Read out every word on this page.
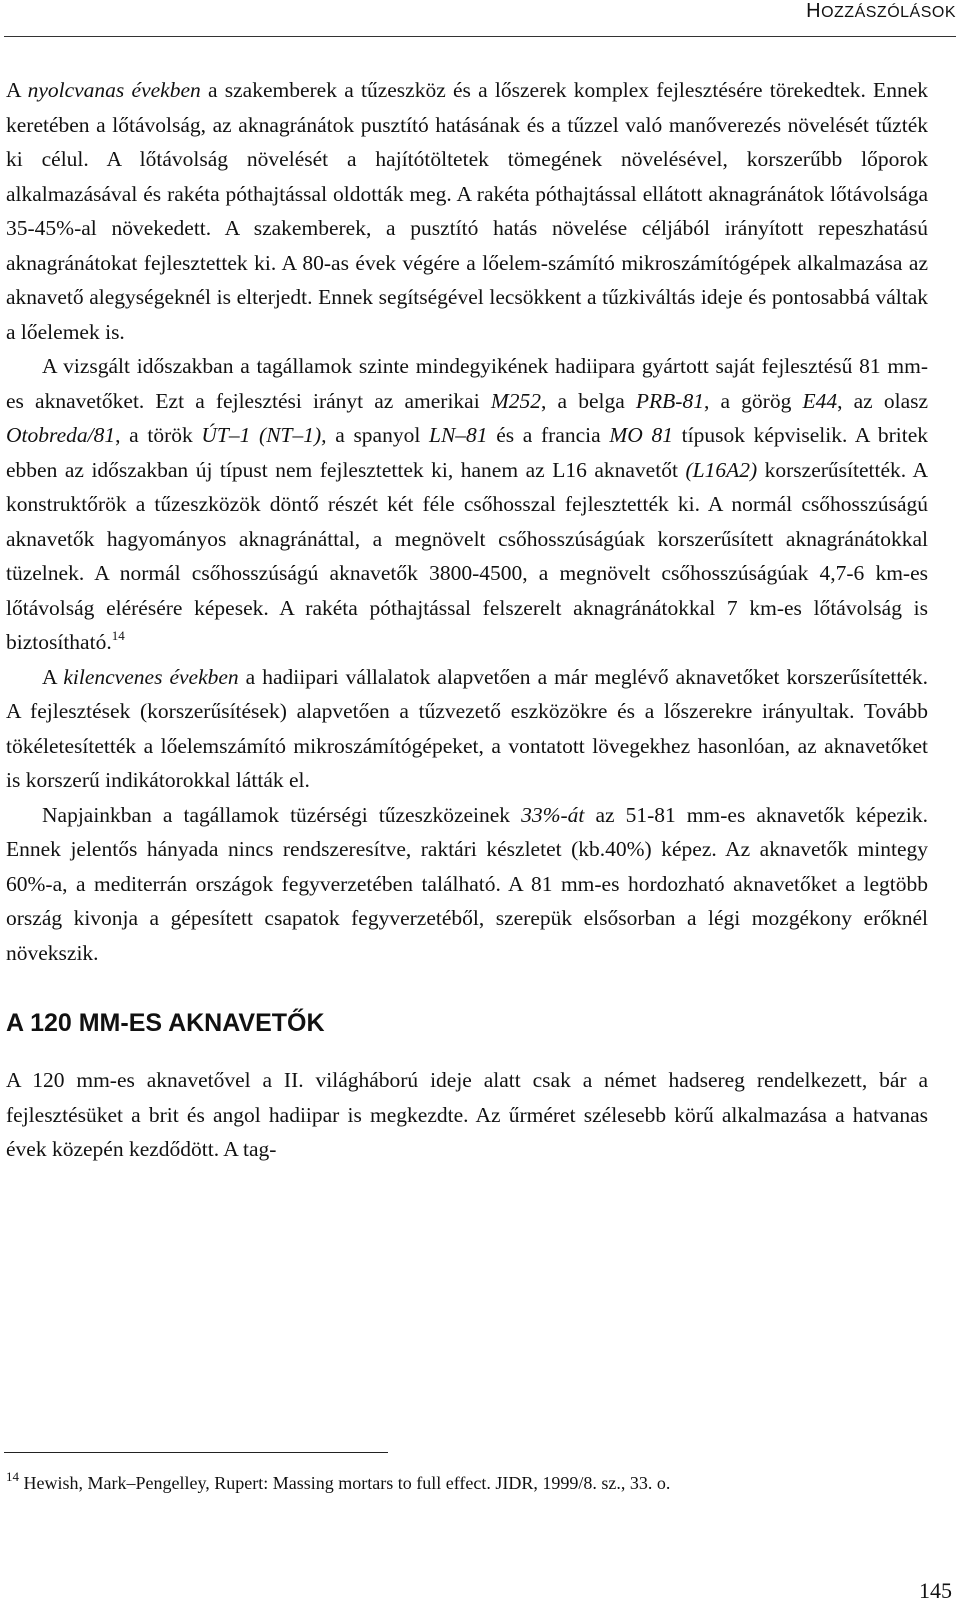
HOZZÁSZÓLÁSOK

A nyolcvanas években a szakemberek a tűzeszköz és a lőszerek komplex fejlesztésére törekedtek. Ennek keretében a lőtávolság, az aknagránátok pusztító hatásának és a tűzzel való manőverezés növelését tűzték ki célul. A lőtávolság növelését a hajítótöltetek tömegének növelésével, korszerűbb lőporok alkalmazásával és rakéta póthajtással oldották meg. A rakéta póthajtással ellátott aknagránátok lőtávolsága 35-45%-al növekedett. A szakemberek, a pusztító hatás növelése céljából irányított repeszhatású aknagránátokat fejlesztettek ki. A 80-as évek végére a lőelem-számító mikroszámítógépek alkalmazása az aknavető alegységeknél is elterjedt. Ennek segítségével lecsökkent a tűzkiváltás ideje és pontosabbá váltak a lőelemek is.

A vizsgált időszakban a tagállamok szinte mindegyikének hadiipara gyártott saját fejlesztésű 81 mm-es aknavetőket. Ezt a fejlesztési irányt az amerikai M252, a belga PRB-81, a görög E44, az olasz Otobreda/81, a török ÚT–1 (NT–1), a spanyol LN–81 és a francia MO 81 típusok képviselik. A britek ebben az időszakban új típust nem fejlesztettek ki, hanem az L16 aknavetőt (L16A2) korszerűsítették. A konstruktőrök a tűzeszközök döntő részét két féle csőhosszal fejlesztették ki. A normál csőhosszúságú aknavetők hagyományos aknagránáttal, a megnövelt csőhosszúságúak korszerűsített aknagránátokkal tüzelnek. A normál csőhosszúságú aknavetők 3800-4500, a megnövelt csőhosszúságúak 4,7-6 km-es lőtávolság elérésére képesek. A rakéta póthajtással felszerelt aknagránátokkal 7 km-es lőtávolság is biztosítható.$^{14}$

A kilencvenes években a hadiipari vállalatok alapvetően a már meglévő aknavetőket korszerűsítették. A fejlesztések (korszerűsítések) alapvetően a tűzvezető eszközökre és a lőszerekre irányultak. Tovább tökéletesítették a lőelemszámító mikroszámítógépeket, a vontatott lövegekhez hasonlóan, az aknavetőket is korszerű indikátorokkal látták el.

Napjainkban a tagállamok tüzérségi tűzeszközeinek 33%-át az 51-81 mm-es aknavetők képezik. Ennek jelentős hányada nincs rendszeresítve, raktári készletet (kb.40%) képez. Az aknavetők mintegy 60%-a, a mediterrán országok fegyverzetében található. A 81 mm-es hordozható aknavetőket a legtöbb ország kivonja a gépesített csapatok fegyverzetéből, szerepük elsősorban a légi mozgékony erőknél növekszik.

A 120 MM-ES AKNAVETŐK

A 120 mm-es aknavetővel a II. világháború ideje alatt csak a német hadsereg rendelkezett, bár a fejlesztésüket a brit és angol hadiipar is megkezdte. Az űrméret szélesebb körű alkalmazása a hatvanas évek közepén kezdődött. A tag-

$^{14}$ Hewish, Mark–Pengelley, Rupert: Massing mortars to full effect. JIDR, 1999/8. sz., 33. o.
145
